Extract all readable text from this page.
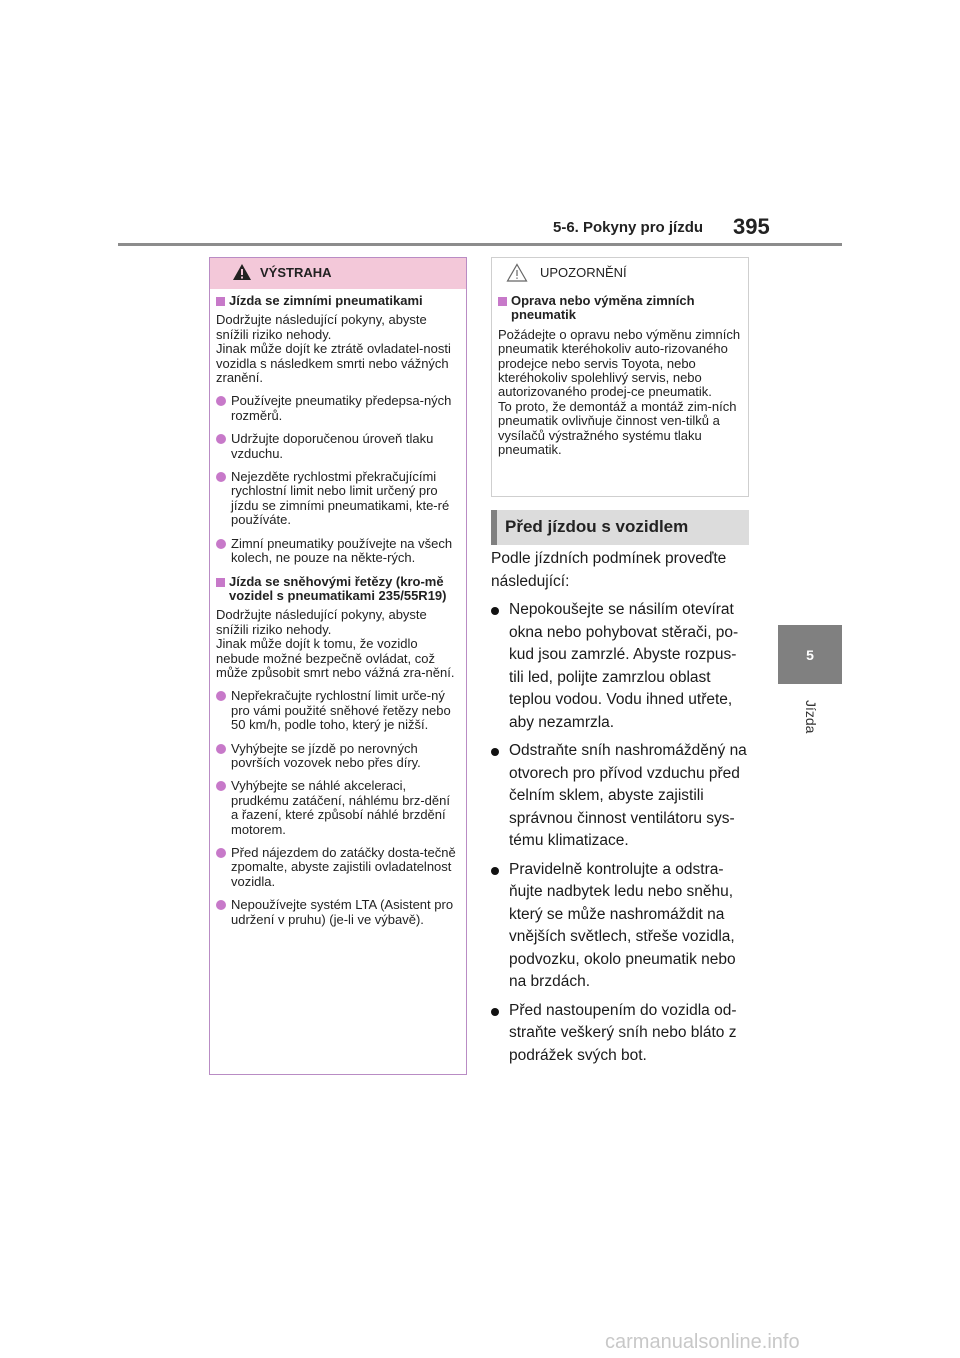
5-6. Pokyny pro jízdu 395
5
Jízda
VÝSTRAHA
Jízda se zimními pneumatikami
Dodržujte následující pokyny, abyste snížili riziko nehody.
Jinak může dojít ke ztrátě ovladatel-nosti vozidla s následkem smrti nebo vážných zranění.
Používejte pneumatiky předepsa-ných rozměrů.
Udržujte doporučenou úroveň tlaku vzduchu.
Nejezděte rychlostmi překračujícími rychlostní limit nebo limit určený pro jízdu se zimními pneumatikami, kte-ré používáte.
Zimní pneumatiky používejte na všech kolech, ne pouze na někte-rých.
Jízda se sněhovými řetězy (kro-mě vozidel s pneumatikami 235/55R19)
Dodržujte následující pokyny, abyste snížili riziko nehody.
Jinak může dojít k tomu, že vozidlo nebude možné bezpečně ovládat, což může způsobit smrt nebo vážná zra-nění.
Nepřekračujte rychlostní limit urče-ný pro vámi použité sněhové řetězy nebo 50 km/h, podle toho, který je nižší.
Vyhýbejte se jízdě po nerovných površích vozovek nebo přes díry.
Vyhýbejte se náhlé akceleraci, prudkému zatáčení, náhlému brz-dění a řazení, které způsobí náhlé brzdění motorem.
Před nájezdem do zatáčky dosta-tečně zpomalte, abyste zajistili ovladatelnost vozidla.
Nepoužívejte systém LTA (Asistent pro udržení v pruhu) (je-li ve výbavě).
UPOZORNĚNÍ
Oprava nebo výměna zimních pneumatik
Požádejte o opravu nebo výměnu zimních pneumatik kteréhokoliv auto-rizovaného prodejce nebo servis Toyota, nebo kteréhokoliv spolehlivý servis, nebo autorizovaného prodej-ce pneumatik.
To proto, že demontáž a montáž zim-ních pneumatik ovlivňuje činnost ven-tilků a vysílačů výstražného systému tlaku pneumatik.
Před jízdou s vozidlem

Podle jízdních podmínek proveďte následující:

Nepokoušejte se násilím otevírat okna nebo pohybovat stěrači, po-kud jsou zamrzlé. Abyste rozpus-tili led, polijte zamrzlou oblast teplou vodou. Vodu ihned utřete, aby nezamrzla.
Odstraňte sníh nashromážděný na otvorech pro přívod vzduchu před čelním sklem, abyste zajistili správnou činnost ventilátoru sys-tému klimatizace.
Pravidelně kontrolujte a odstra-ňujte nadbytek ledu nebo sněhu, který se může nashromáždit na vnějších světlech, střeše vozidla, podvozku, okolo pneumatik nebo na brzdách.
Před nastoupením do vozidla od-straňte veškerý sníh nebo bláto z podrážek svých bot.
carmanualsonline.info
